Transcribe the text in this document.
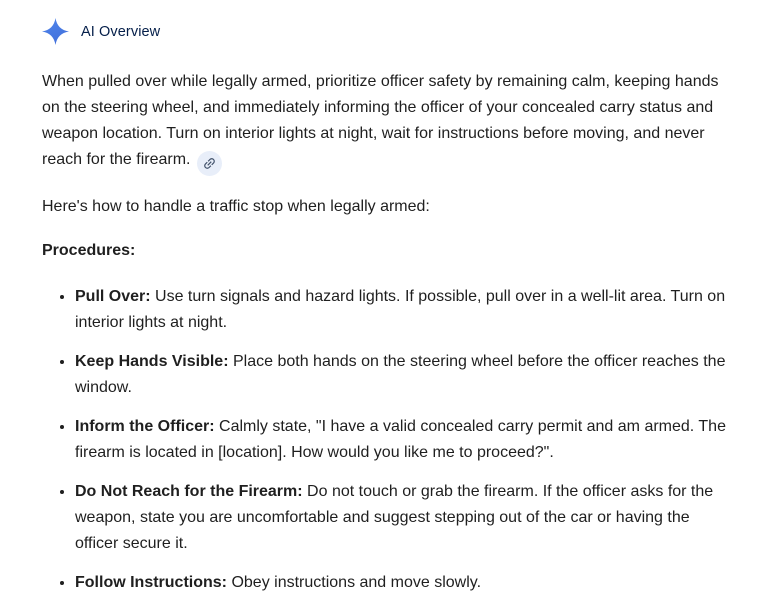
AI Overview

When pulled over while legally armed, prioritize officer safety by remaining calm, keeping hands on the steering wheel, and immediately informing the officer of your concealed carry status and weapon location. Turn on interior lights at night, wait for instructions before moving, and never reach for the firearm.

Here's how to handle a traffic stop when legally armed:

Procedures:

• Pull Over: Use turn signals and hazard lights. If possible, pull over in a well-lit area. Turn on interior lights at night.
• Keep Hands Visible: Place both hands on the steering wheel before the officer reaches the window.
• Inform the Officer: Calmly state, "I have a valid concealed carry permit and am armed. The firearm is located in [location]. How would you like me to proceed?".
• Do Not Reach for the Firearm: Do not touch or grab the firearm. If the officer asks for the weapon, state you are uncomfortable and suggest stepping out of the car or having the officer secure it.
• Follow Instructions: Obey instructions and move slowly.
